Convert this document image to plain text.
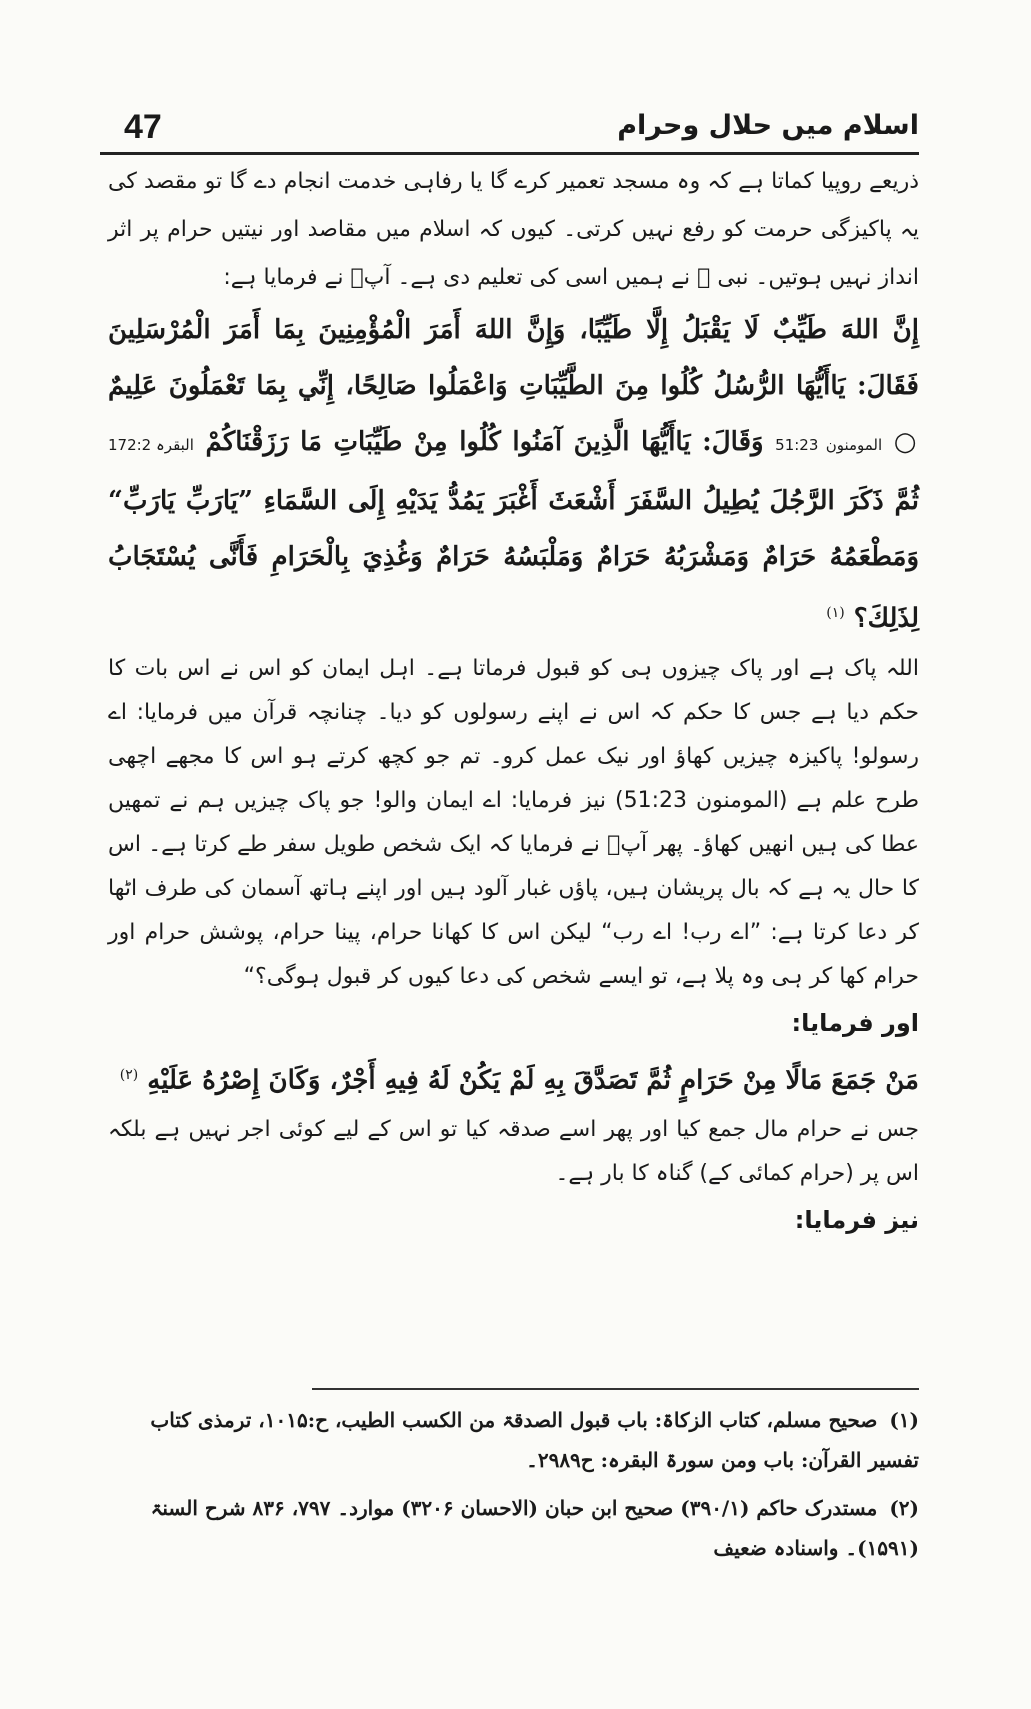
47	اسلام میں حلال وحرام

ذریعے روپیا کماتا ہے کہ وہ مسجد تعمیر کرے گا یا رفاہی خدمت انجام دے گا تو مقصد کی یہ پاکیزگی حرمت کو رفع نہیں کرتی۔ کیوں کہ اسلام میں مقاصد اور نیتیں حرام پر اثر انداز نہیں ہوتیں۔ نبی ﷺ نے ہمیں اسی کی تعلیم دی ہے۔ آپؐ نے فرمایا ہے:

إِنَّ اللهَ طَيِّبٌ لَا يَقْبَلُ إِلَّا طَيِّبًا، وَإِنَّ اللهَ أَمَرَ الْمُؤْمِنِينَ بِمَا أَمَرَ الْمُرْسَلِينَ فَقَالَ: يَاأَيُّهَا الرُّسُلُ كُلُوا مِنَ الطَّيِّبَاتِ وَاعْمَلُوا صَالِحًا، إِنِّي بِمَا تَعْمَلُونَ عَلِيمٌ ○ المومنون 51:23 وَقَالَ: يَاأَيُّهَا الَّذِينَ آمَنُوا كُلُوا مِنْ طَيِّبَاتِ مَا رَزَقْنَاكُمْ البقرہ 172:2 ثُمَّ ذَكَرَ الرَّجُلَ يُطِيلُ السَّفَرَ أَشْعَثَ أَغْبَرَ يَمُدُّ يَدَيْهِ إِلَى السَّمَاءِ ”يَارَبِّ يَارَبِّ“ وَمَطْعَمُهُ حَرَامٌ وَمَشْرَبُهُ حَرَامٌ وَمَلْبَسُهُ حَرَامٌ وَغُذِيَ بِالْحَرَامِ فَأَنَّى يُسْتَجَابُ لِذَلِكَ؟ $^{(۱)}$

اللہ پاک ہے اور پاک چیزوں ہی کو قبول فرماتا ہے۔ اہل ایمان کو اس نے اس بات کا حکم دیا ہے جس کا حکم کہ اس نے اپنے رسولوں کو دیا۔ چنانچہ قرآن میں فرمایا: اے رسولو! پاکیزہ چیزیں کھاؤ اور نیک عمل کرو۔ تم جو کچھ کرتے ہو اس کا مجھے اچھی طرح علم ہے (المومنون 51:23) نیز فرمایا: اے ایمان والو! جو پاک چیزیں ہم نے تمھیں عطا کی ہیں انھیں کھاؤ۔ پھر آپؐ نے فرمایا کہ ایک شخص طویل سفر طے کرتا ہے۔ اس کا حال یہ ہے کہ بال پریشان ہیں، پاؤں غبار آلود ہیں اور اپنے ہاتھ آسمان کی طرف اٹھا کر دعا کرتا ہے: ”اے رب! اے رب“ لیکن اس کا کھانا حرام، پینا حرام، پوشش حرام اور حرام کھا کر ہی وہ پلا ہے، تو ایسے شخص کی دعا کیوں کر قبول ہوگی؟“

اور فرمایا:

مَنْ جَمَعَ مَالًا مِنْ حَرَامٍ ثُمَّ تَصَدَّقَ بِهِ لَمْ يَكُنْ لَهُ فِيهِ أَجْرٌ، وَكَانَ إِصْرُهُ عَلَيْهِ $^{(۲)}$

جس نے حرام مال جمع کیا اور پھر اسے صدقہ کیا تو اس کے لیے کوئی اجر نہیں ہے بلکہ اس پر (حرام کمائی کے) گناہ کا بار ہے۔

نیز فرمایا:

(۱)صحیح مسلم، کتاب الزکاۃ: باب قبول الصدقۃ من الکسب الطیب، ح:۱۰۱۵، ترمذی کتاب تفسیر القرآن: باب ومن سورۃ البقرہ: ح۲۹۸۹۔

(۲)مستدرک حاکم (۳۹۰/۱) صحیح ابن حبان (الاحسان ۳۲۰۶) موارد۔ ۷۹۷، ۸۳۶ شرح السنۃ (۱۵۹۱)۔ واسنادہ ضعیف
